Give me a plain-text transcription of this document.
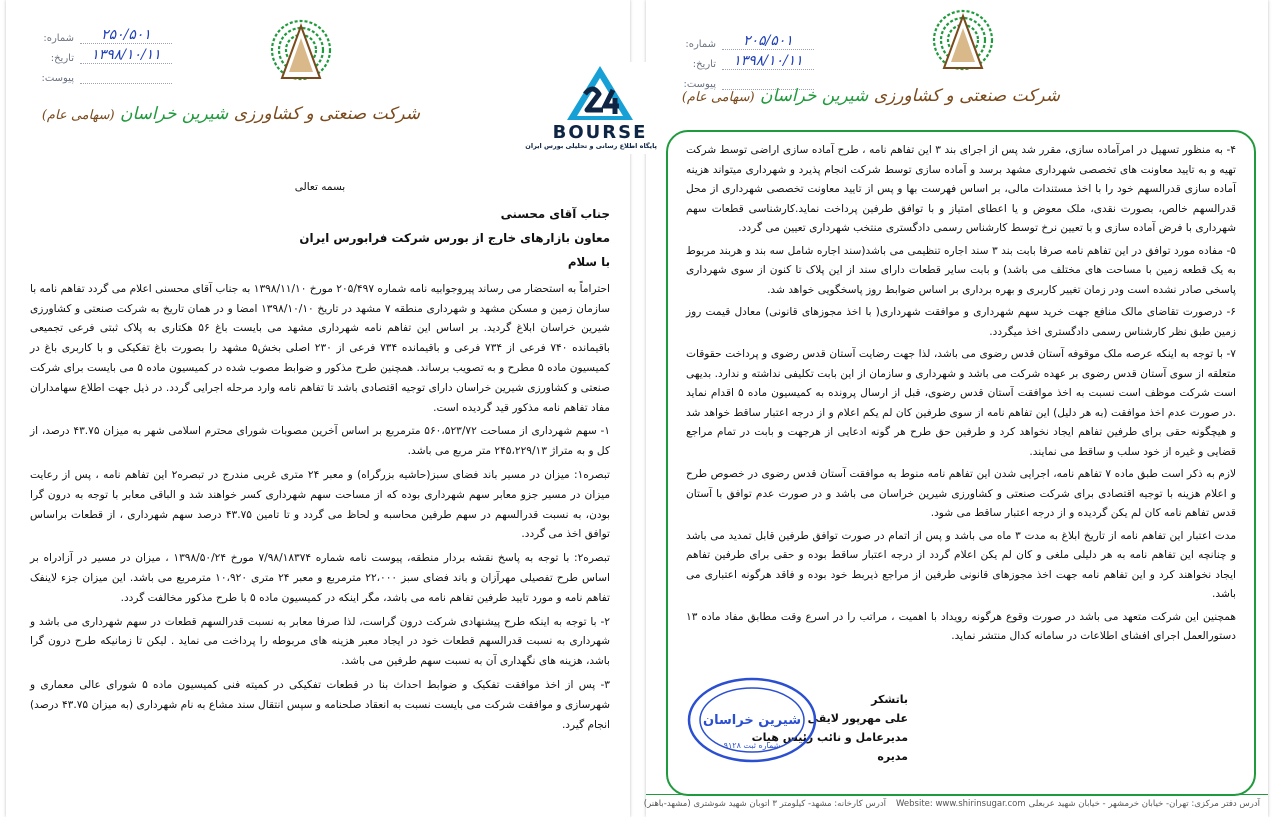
شماره:	۲۵۰/۵۰۱
تاریخ:	۱۳۹۸/۱۰/۱۱
پیوست:
شرکت صنعتی و کشاورزی شیرین خراسان (سهامی عام)
بسمه تعالی
جناب آقای محسنی
معاون بازارهای خارج از بورس شرکت فرابورس ایران
با سلام

احتراماً به استحضار می رساند پیروجوابیه نامه شماره ۲۰۵/۴۹۷ مورخ ۱۳۹۸/۱۱/۱۰ به جناب آقای محسنی اعلام می گردد تفاهم نامه با سازمان زمین و مسکن مشهد و شهرداری منطقه ۷ مشهد در تاریخ ۱۳۹۸/۱۰/۱۰ امضا و در همان تاریخ به شرکت صنعتی و کشاورزی شیرین خراسان ابلاغ گردید. بر اساس این تفاهم نامه شهرداری مشهد می بایست باغ ۵۶ هکتاری به پلاک ثبتی فرعی تجمیعی باقیمانده ۷۴۰ فرعی از ۷۳۴ فرعی و باقیمانده ۷۳۴ فرعی از ۲۳۰ اصلی بخش۵ مشهد را بصورت باغ تفکیکی و با کاربری باغ در کمیسیون ماده ۵ مطرح و به تصویب برساند. همچنین طرح مذکور و ضوابط مصوب شده در کمیسیون ماده ۵ می بایست برای شرکت صنعتی و کشاورزی شیرین خراسان دارای توجیه اقتصادی باشد تا تفاهم نامه وارد مرحله اجرایی گردد. در ذیل جهت اطلاع سهامداران مفاد تفاهم نامه مذکور قید گردیده است.

۱- سهم شهرداری از مساحت ۵۶۰،۵۲۳/۷۲ مترمربع بر اساس آخرین مصوبات شورای محترم اسلامی شهر به میزان ۴۳.۷۵ درصد، از کل و به متراژ ۲۴۵،۲۲۹/۱۳ متر مربع می باشد.

تبصره۱: میزان در مسیر باند فضای سبز(حاشیه بزرگراه) و معبر ۲۴ متری غربی مندرج در تبصره۲ این تفاهم نامه ، پس از رعایت میزان در مسیر جزو معابر سهم شهرداری بوده که از مساحت سهم شهرداری کسر خواهند شد و الباقی معابر با توجه به درون گرا بودن، به نسبت قدرالسهم در سهم طرفین محاسبه و لحاظ می گردد و تا تامین ۴۳.۷۵ درصد سهم شهرداری ، از قطعات براساس توافق اخذ می گردد.

تبصره۲: با توجه به پاسخ نقشه بردار منطقه، پیوست نامه شماره ۷/۹۸/۱۸۳۷۴ مورخ ۱۳۹۸/۵۰/۲۴ ، میزان در مسیر در آزادراه بر اساس طرح تفصیلی مهرآزان و باند فضای سبز ۲۲،۰۰۰ مترمربع و معبر ۲۴ متری ۱۰،۹۲۰ مترمربع می باشد. این میزان جزء لاینفک تفاهم نامه و مورد تایید طرفین تفاهم نامه می باشد، مگر اینکه در کمیسیون ماده ۵ با طرح مذکور مخالفت گردد.

۲- با توجه به اینکه طرح پیشنهادی شرکت درون گراست، لذا صرفا معابر به نسبت قدرالسهم قطعات در سهم شهرداری می باشد و شهرداری به نسبت قدرالسهم قطعات خود در ایجاد معبر هزینه های مربوطه را پرداخت می نماید . لیکن تا زمانیکه طرح درون گرا باشد، هزینه های نگهداری آن به نسبت سهم طرفین می باشد.

۳- پس از اخذ موافقت تفکیک و ضوابط احداث بنا در قطعات تفکیکی در کمیته فنی کمیسیون ماده ۵ شورای عالی معماری و شهرسازی و موافقت شرکت می بایست نسبت به انعقاد صلحنامه و سپس انتقال سند مشاع به نام شهرداری (به میزان ۴۳.۷۵ درصد) انجام گیرد.

شماره:	۲۰۵/۵۰۱
تاریخ:	۱۳۹۸/۱۰/۱۱
پیوست:
شرکت صنعتی و کشاورزی شیرین خراسان (سهامی عام)

۴- به منظور تسهیل در امرآماده سازی، مقرر شد پس از اجرای بند ۳ این تفاهم نامه ، طرح آماده سازی اراضی توسط شرکت تهیه و به تایید معاونت های تخصصی شهرداری مشهد برسد و آماده سازی توسط شرکت انجام پذیرد و شهرداری میتواند هزینه آماده سازی قدرالسهم خود را با اخذ مستندات مالی، بر اساس فهرست بها و پس از تایید معاونت تخصصی شهرداری از محل قدرالسهم خالص، بصورت نقدی، ملک معوض و یا اعطای امتیاز و با توافق طرفین پرداخت نماید.کارشناسی قطعات سهم شهرداری با فرض آماده سازی و با تعیین نرخ توسط کارشناس رسمی دادگستری منتخب شهرداری تعیین می گردد.

۵- مفاده مورد توافق در این تفاهم نامه صرفا بابت بند ۳ سند اجاره تنظیمی می باشد(سند اجاره شامل سه بند و هربند مربوط به یک قطعه زمین با مساحت های مختلف می باشد) و بابت سایر قطعات دارای سند از این پلاک تا کنون از سوی شهرداری پاسخی صادر نشده است ودر زمان تغییر کاربری و بهره برداری بر اساس ضوابط روز پاسخگویی خواهد شد.

۶- درصورت تقاضای مالک منافع جهت خرید سهم شهرداری و موافقت شهرداری( با اخذ مجوزهای قانونی) معادل قیمت روز زمین طبق نظر کارشناس رسمی دادگستری اخذ میگردد.

۷- با توجه به اینکه عرصه ملک موقوفه آستان قدس رضوی می باشد، لذا جهت رضایت آستان قدس رضوی و پرداخت حقوقات متعلقه از سوی آستان قدس رضوی بر عهده شرکت می باشد و شهرداری و سازمان از این بابت تکلیفی نداشته و ندارد. بدیهی است شرکت موظف است نسبت به اخذ موافقت آستان قدس رضوی، قبل از ارسال پرونده به کمیسیون ماده ۵ اقدام نماید .در صورت عدم اخذ موافقت (به هر دلیل) این تفاهم نامه از سوی طرفین کان لم یکم اعلام و از درجه اعتبار ساقط خواهد شد و هیچگونه حقی برای طرفین تفاهم ایجاد نخواهد کرد و طرفین حق طرح هر گونه ادعایی از هرجهت و بابت در تمام مراجع قضایی و غیره از خود سلب و ساقط می نمایند.

لازم به ذکر است طبق ماده ۷ تفاهم نامه، اجرایی شدن این تفاهم نامه منوط به موافقت آستان قدس رضوی در خصوص طرح و اعلام هزینه با توجیه اقتصادی برای شرکت صنعتی و کشاورزی شیرین خراسان می باشد و در صورت عدم توافق با آستان قدس تفاهم نامه کان لم یکن گردیده و از درجه اعتبار ساقط می شود.

مدت اعتبار این تفاهم نامه از تاریخ ابلاغ به مدت ۳ ماه می باشد و پس از اتمام در صورت توافق طرفین قابل تمدید می باشد و چنانچه این تفاهم نامه به هر دلیلی ملغی و کان لم یکن اعلام گردد از درجه اعتبار ساقط بوده و حقی برای طرفین تفاهم ایجاد نخواهند کرد و این تفاهم نامه جهت اخذ مجوزهای قانونی طرفین از مراجع ذیربط خود بوده و فاقد هرگونه اعتباری می باشد.

همچنین این شرکت متعهد می باشد در صورت وقوع هرگونه رویداد با اهمیت ، مراتب را در اسرع وقت مطابق مفاد ماده ۱۳ دستورالعمل اجرای افشای اطلاعات در سامانه کدال منتشر نماید.

باتشکر
علی مهرپور لایقی
مدیرعامل و نائب رئیس هیات مدیره
شیرین خراسان
شماره ثبت ۹۱۲۸
آدرس دفتر مرکزی: تهران- خیابان خرمشهر - خیابان شهید عربعلی
Website: www.shirinsugar.com
آدرس کارخانه: مشهد- کیلومتر ۳ اتوبان شهید شوشتری (مشهد-باهنر)
BOURSE
پایگاه اطلاع رسانی و تحلیلی بورس ایران
